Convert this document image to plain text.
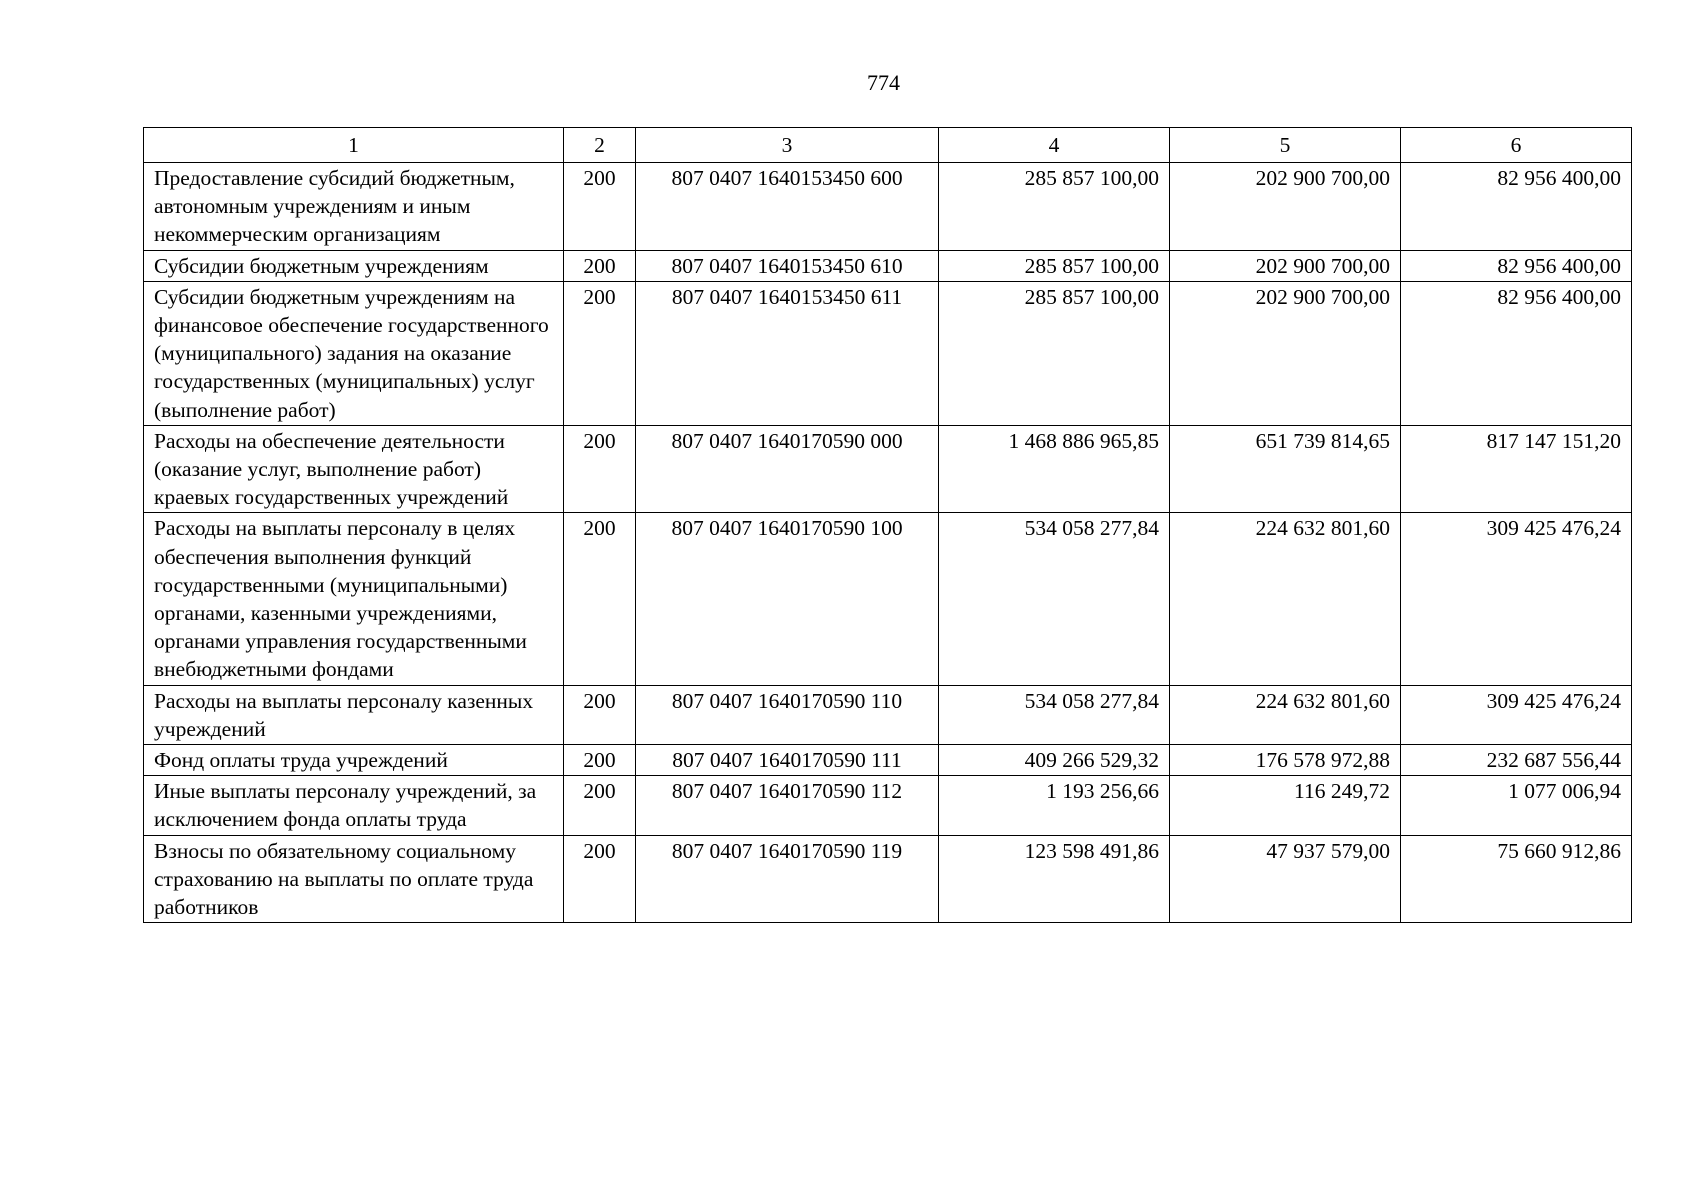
774
1	2	3	4	5	6
Предоставление субсидий бюджетным, автономным учреждениям и иным некоммерческим организациям	200	807 0407 1640153450 600	285 857 100,00	202 900 700,00	82 956 400,00
Субсидии бюджетным учреждениям	200	807 0407 1640153450 610	285 857 100,00	202 900 700,00	82 956 400,00
Субсидии бюджетным учреждениям на финансовое обеспечение государственного (муниципального) задания на оказание государственных (муниципальных) услуг (выполнение работ)	200	807 0407 1640153450 611	285 857 100,00	202 900 700,00	82 956 400,00
Расходы на обеспечение деятельности (оказание услуг, выполнение работ) краевых государственных учреждений	200	807 0407 1640170590 000	1 468 886 965,85	651 739 814,65	817 147 151,20
Расходы на выплаты персоналу в целях обеспечения выполнения функций государственными (муниципальными) органами, казенными учреждениями, органами управления государственными внебюджетными фондами	200	807 0407 1640170590 100	534 058 277,84	224 632 801,60	309 425 476,24
Расходы на выплаты персоналу казенных учреждений	200	807 0407 1640170590 110	534 058 277,84	224 632 801,60	309 425 476,24
Фонд оплаты труда учреждений	200	807 0407 1640170590 111	409 266 529,32	176 578 972,88	232 687 556,44
Иные выплаты персоналу учреждений, за исключением фонда оплаты труда	200	807 0407 1640170590 112	1 193 256,66	116 249,72	1 077 006,94
Взносы по обязательному социальному страхованию на выплаты по оплате труда работников	200	807 0407 1640170590 119	123 598 491,86	47 937 579,00	75 660 912,86
